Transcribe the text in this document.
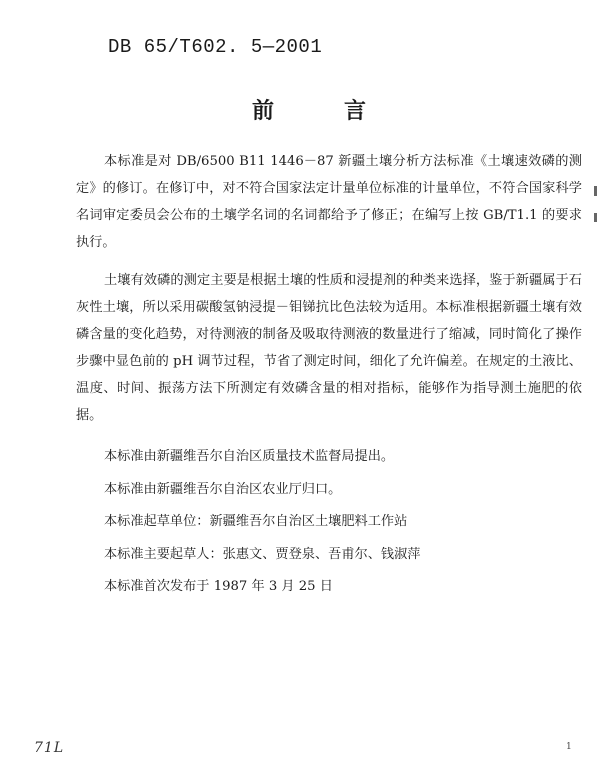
DB 65/T602. 5—2001
前	言

本标准是对 DB/6500 B11 1446－87 新疆土壤分析方法标准《土壤速效磷的测定》的修订。在修订中，对不符合国家法定计量单位标准的计量单位，不符合国家科学名词审定委员会公布的土壤学名词的名词都给予了修正；在编写上按 GB/T1.1 的要求执行。

土壤有效磷的测定主要是根据土壤的性质和浸提剂的种类来选择，鉴于新疆属于石灰性土壤，所以采用碳酸氢钠浸提－钼锑抗比色法较为适用。本标准根据新疆土壤有效磷含量的变化趋势，对待测液的制备及吸取待测液的数量进行了缩减，同时简化了操作步骤中显色前的 pH 调节过程，节省了测定时间，细化了允许偏差。在规定的土液比、温度、时间、振荡方法下所测定有效磷含量的相对指标，能够作为指导测土施肥的依据。

本标准由新疆维吾尔自治区质量技术监督局提出。

本标准由新疆维吾尔自治区农业厅归口。

本标准起草单位：新疆维吾尔自治区土壤肥料工作站

本标准主要起草人：张惠文、贾登泉、吾甫尔、钱淑萍

本标准首次发布于 1987 年 3 月 25 日

71L	1
